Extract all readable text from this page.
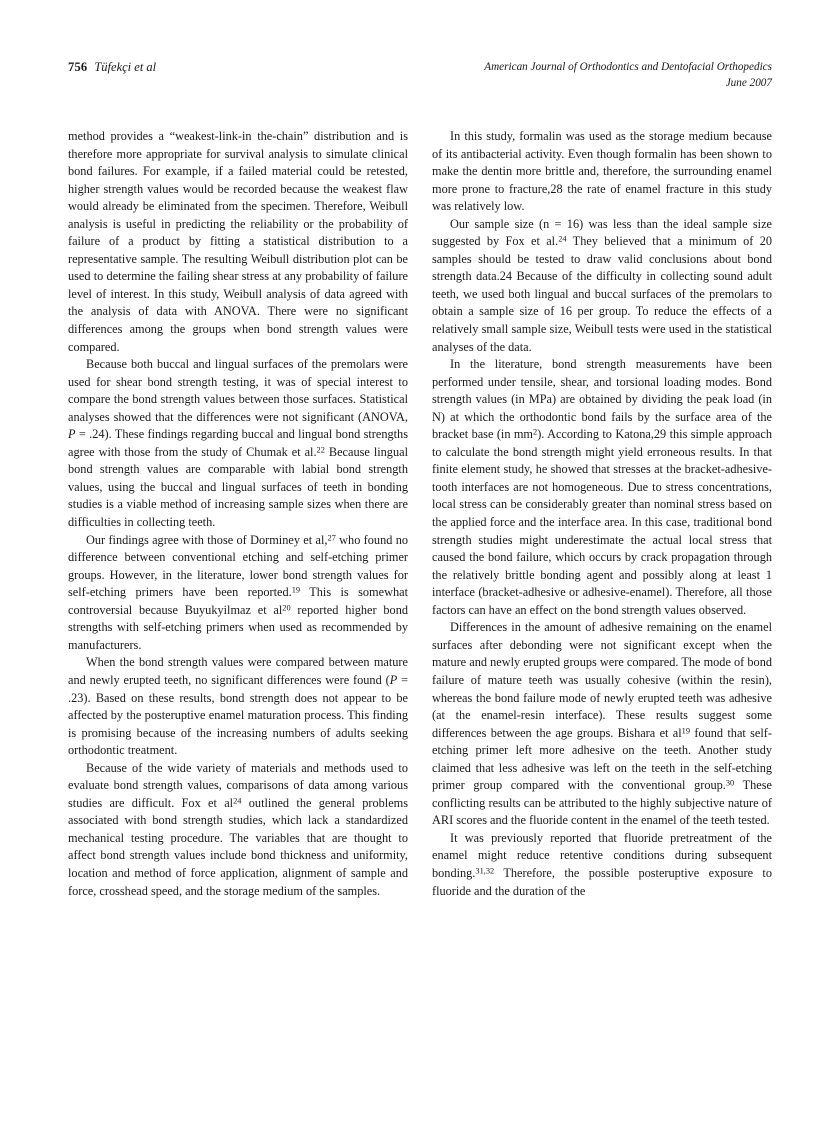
756 Tüfekçi et al	American Journal of Orthodontics and Dentofacial Orthopedics
June 2007

method provides a “weakest-link-in the-chain” distribution and is therefore more appropriate for survival analysis to simulate clinical bond failures. For example, if a failed material could be retested, higher strength values would be recorded because the weakest flaw would already be eliminated from the specimen. Therefore, Weibull analysis is useful in predicting the reliability or the probability of failure of a product by fitting a statistical distribution to a representative sample. The resulting Weibull distribution plot can be used to determine the failing shear stress at any probability of failure level of interest. In this study, Weibull analysis of data agreed with the analysis of data with ANOVA. There were no significant differences among the groups when bond strength values were compared.

Because both buccal and lingual surfaces of the premolars were used for shear bond strength testing, it was of special interest to compare the bond strength values between those surfaces. Statistical analyses showed that the differences were not significant (ANOVA, P = .24). These findings regarding buccal and lingual bond strengths agree with those from the study of Chumak et al.$^{22}$ Because lingual bond strength values are comparable with labial bond strength values, using the buccal and lingual surfaces of teeth in bonding studies is a viable method of increasing sample sizes when there are difficulties in collecting teeth.

Our findings agree with those of Dorminey et al,$^{27}$ who found no difference between conventional etching and self-etching primer groups. However, in the literature, lower bond strength values for self-etching primers have been reported.$^{19}$ This is somewhat controversial because Buyukyilmaz et $al^{20}$ reported higher bond strengths with self-etching primers when used as recommended by manufacturers.

When the bond strength values were compared between mature and newly erupted teeth, no significant differences were found (P = .23). Based on these results, bond strength does not appear to be affected by the posteruptive enamel maturation process. This finding is promising because of the increasing numbers of adults seeking orthodontic treatment.

Because of the wide variety of materials and methods used to evaluate bond strength values, comparisons of data among various studies are difficult. Fox et $al^{24}$ outlined the general problems associated with bond strength studies, which lack a standardized mechanical testing procedure. The variables that are thought to affect bond strength values include bond thickness and uniformity, location and method of force application, alignment of sample and force, crosshead speed, and the storage medium of the samples.

In this study, formalin was used as the storage medium because of its antibacterial activity. Even though formalin has been shown to make the dentin more brittle and, therefore, the surrounding enamel more prone to fracture,28 the rate of enamel fracture in this study was relatively low.

Our sample size (n = 16) was less than the ideal sample size suggested by Fox et al.$^{24}$ They believed that a minimum of 20 samples should be tested to draw valid conclusions about bond strength data.24 Because of the difficulty in collecting sound adult teeth, we used both lingual and buccal surfaces of the premolars to obtain a sample size of 16 per group. To reduce the effects of a relatively small sample size, Weibull tests were used in the statistical analyses of the data.

In the literature, bond strength measurements have been performed under tensile, shear, and torsional loading modes. Bond strength values (in MPa) are obtained by dividing the peak load (in N) at which the orthodontic bond fails by the surface area of the bracket base (in $mm^2$). According to Katona,29 this simple approach to calculate the bond strength might yield erroneous results. In that finite element study, he showed that stresses at the bracket-adhesive-tooth interfaces are not homogeneous. Due to stress concentrations, local stress can be considerably greater than nominal stress based on the applied force and the interface area. In this case, traditional bond strength studies might underestimate the actual local stress that caused the bond failure, which occurs by crack propagation through the relatively brittle bonding agent and possibly along at least 1 interface (bracket-adhesive or adhesive-enamel). Therefore, all those factors can have an effect on the bond strength values observed.

Differences in the amount of adhesive remaining on the enamel surfaces after debonding were not significant except when the mature and newly erupted groups were compared. The mode of bond failure of mature teeth was usually cohesive (within the resin), whereas the bond failure mode of newly erupted teeth was adhesive (at the enamel-resin interface). These results suggest some differences between the age groups. Bishara et $al^{19}$ found that self-etching primer left more adhesive on the teeth. Another study claimed that less adhesive was left on the teeth in the self-etching primer group compared with the conventional group.$^{30}$ These conflicting results can be attributed to the highly subjective nature of ARI scores and the fluoride content in the enamel of the teeth tested.

It was previously reported that fluoride pretreatment of the enamel might reduce retentive conditions during subsequent bonding.$^{31,32}$ Therefore, the possible posteruptive exposure to fluoride and the duration of the
